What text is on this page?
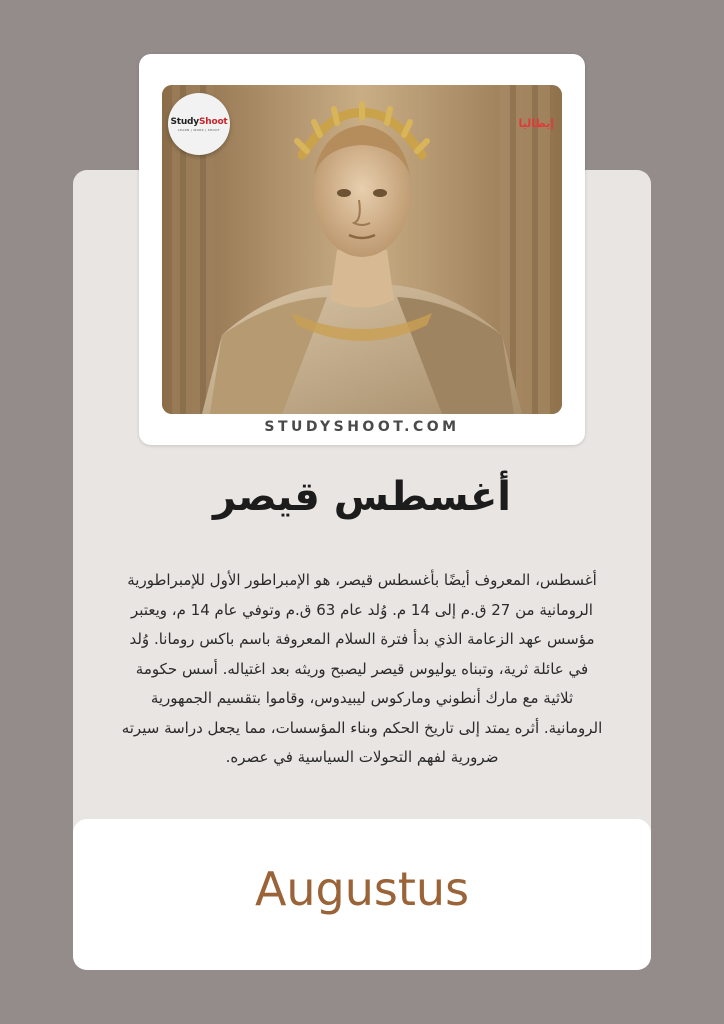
StudyShoot
LEARN | WORK | SHOOT	إيطاليا
STUDYSHOOT.COM
أغسطس قيصر
أغسطس، المعروف أيضًا بأغسطس قيصر، هو الإمبراطور الأول للإمبراطورية الرومانية من 27 ق.م إلى 14 م. وُلد عام 63 ق.م وتوفي عام 14 م، ويعتبر مؤسس عهد الزعامة الذي بدأ فترة السلام المعروفة باسم باكس رومانا. وُلد في عائلة ثرية، وتبناه يوليوس قيصر ليصبح وريثه بعد اغتياله. أسس حكومة ثلاثية مع مارك أنطوني وماركوس ليبيدوس، وقاموا بتقسيم الجمهورية الرومانية. أثره يمتد إلى تاريخ الحكم وبناء المؤسسات، مما يجعل دراسة سيرته ضرورية لفهم التحولات السياسية في عصره.
Augustus
